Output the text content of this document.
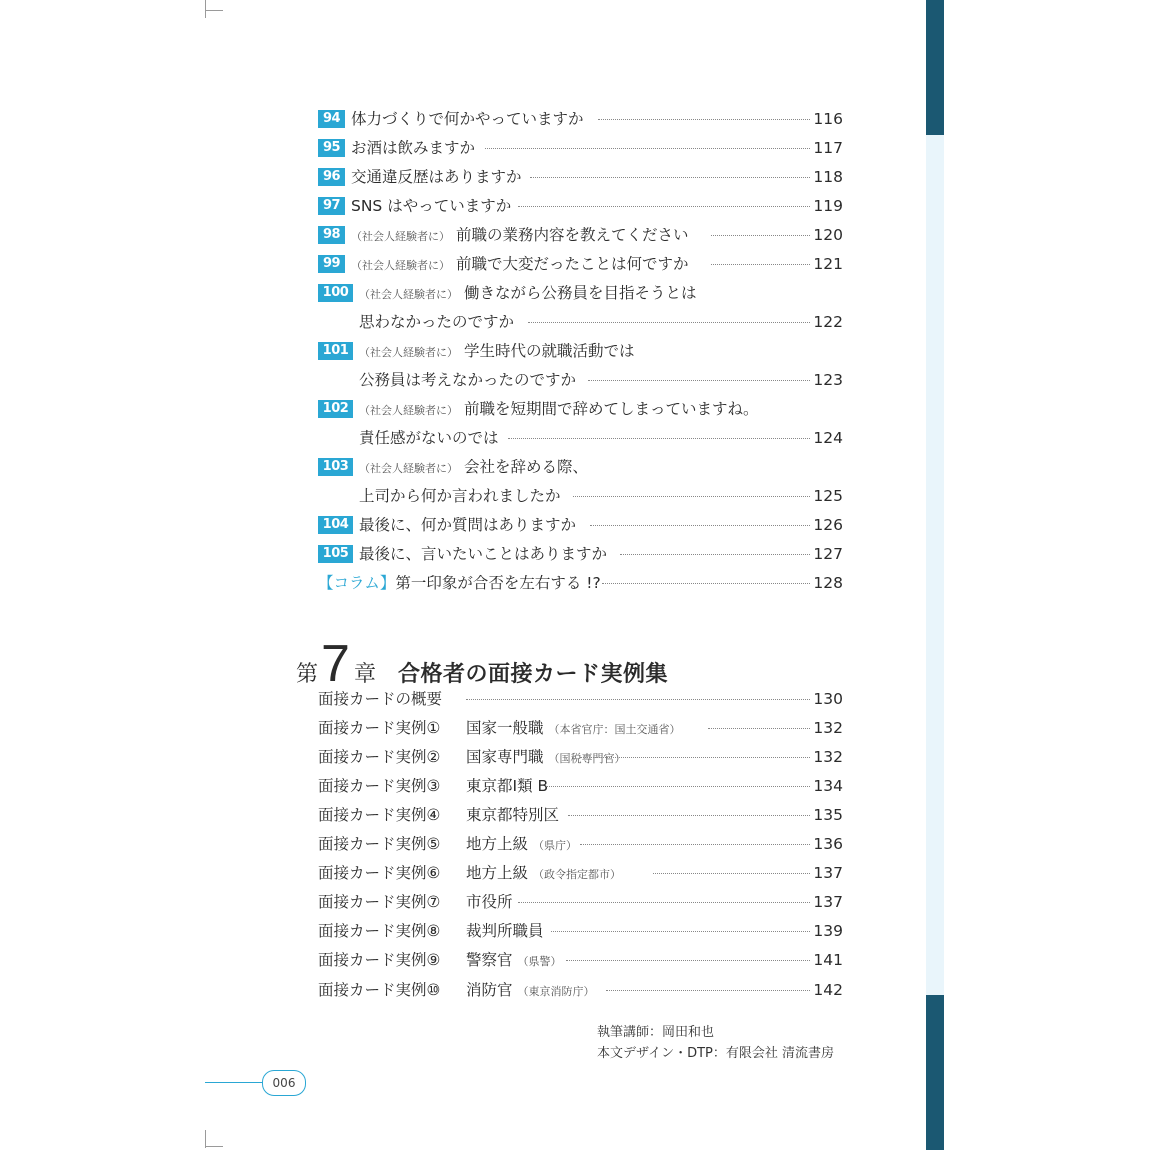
94 体力づくりで何かやっていますか	116
95 お酒は飲みますか	117
96 交通違反歴はありますか	118
97 SNS はやっていますか	119
98 （社会人経験者に） 前職の業務内容を教えてください	120
99 （社会人経験者に） 前職で大変だったことは何ですか	121
100 （社会人経験者に） 働きながら公務員を目指そうとは
思わなかったのですか	122
101 （社会人経験者に） 学生時代の就職活動では
公務員は考えなかったのですか	123
102 （社会人経験者に） 前職を短期間で辞めてしまっていますね。
責任感がないのでは	124
103 （社会人経験者に） 会社を辞める際、
上司から何か言われましたか	125
104 最後に、何か質問はありますか	126
105 最後に、言いたいことはありますか	127
【コラム】 第一印象が合否を左右する !?	128
第 7 章 合格者の面接カード実例集
面接カードの概要	130
面接カード実例① 国家一般職 （本省官庁：国土交通省）	132
面接カード実例② 国家専門職 （国税専門官）	132
面接カード実例③ 東京都Ⅰ類 B	134
面接カード実例④ 東京都特別区	135
面接カード実例⑤ 地方上級 （県庁）	136
面接カード実例⑥ 地方上級 （政令指定都市）	137
面接カード実例⑦ 市役所	137
面接カード実例⑧ 裁判所職員	139
面接カード実例⑨ 警察官 （県警）	141
面接カード実例⑩ 消防官 （東京消防庁）	142
執筆講師：岡田和也
本文デザイン・DTP：有限会社 清流書房
006
